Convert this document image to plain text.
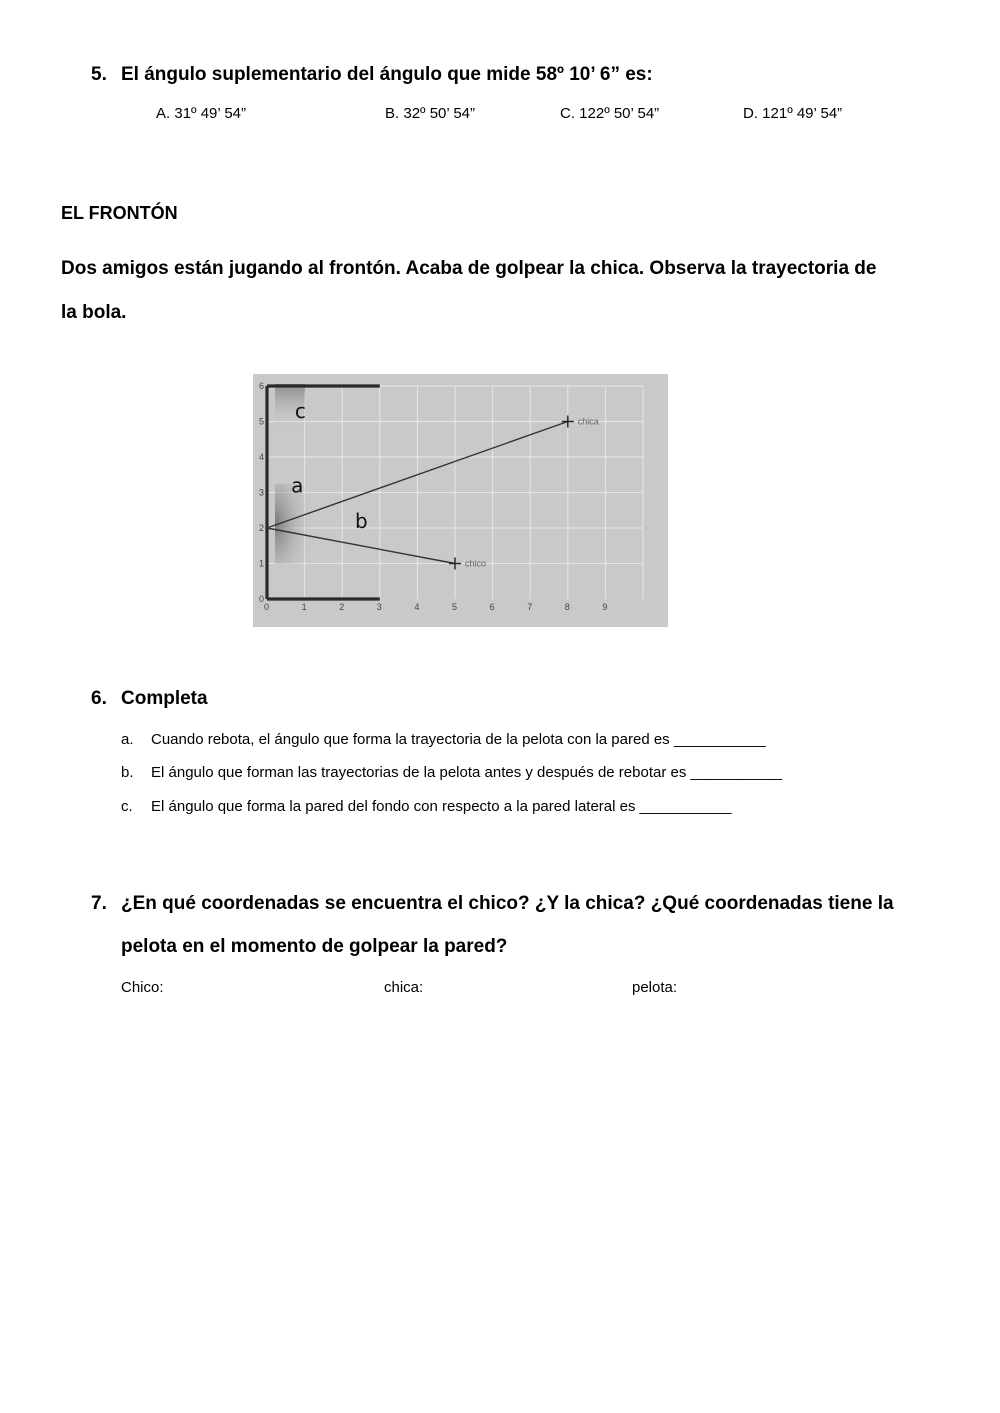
5. El ángulo suplementario del ángulo que mide 58º 10’ 6” es:
A. 31º 49’ 54”	B. 32º 50’ 54”	C. 122º 50’ 54”	D. 121º 49’ 54”
EL FRONTÓN
Dos amigos están jugando al frontón. Acaba de golpear la chica. Observa la trayectoria de
la bola.
chica
chico
0	1	2	3	4	5	6	7	8	9
0
1
2
3
4
5
6
c
a
b
6. Completa
a. Cuando rebota, el ángulo que forma la trayectoria de la pelota con la pared es ___________
b. El ángulo que forman las trayectorias de la pelota antes y después de rebotar es ___________
c. El ángulo que forma la pared del fondo con respecto a la pared lateral es ___________
7. ¿En qué coordenadas se encuentra el chico? ¿Y la chica? ¿Qué coordenadas tiene la
pelota en el momento de golpear la pared?
Chico:	chica:	pelota:
